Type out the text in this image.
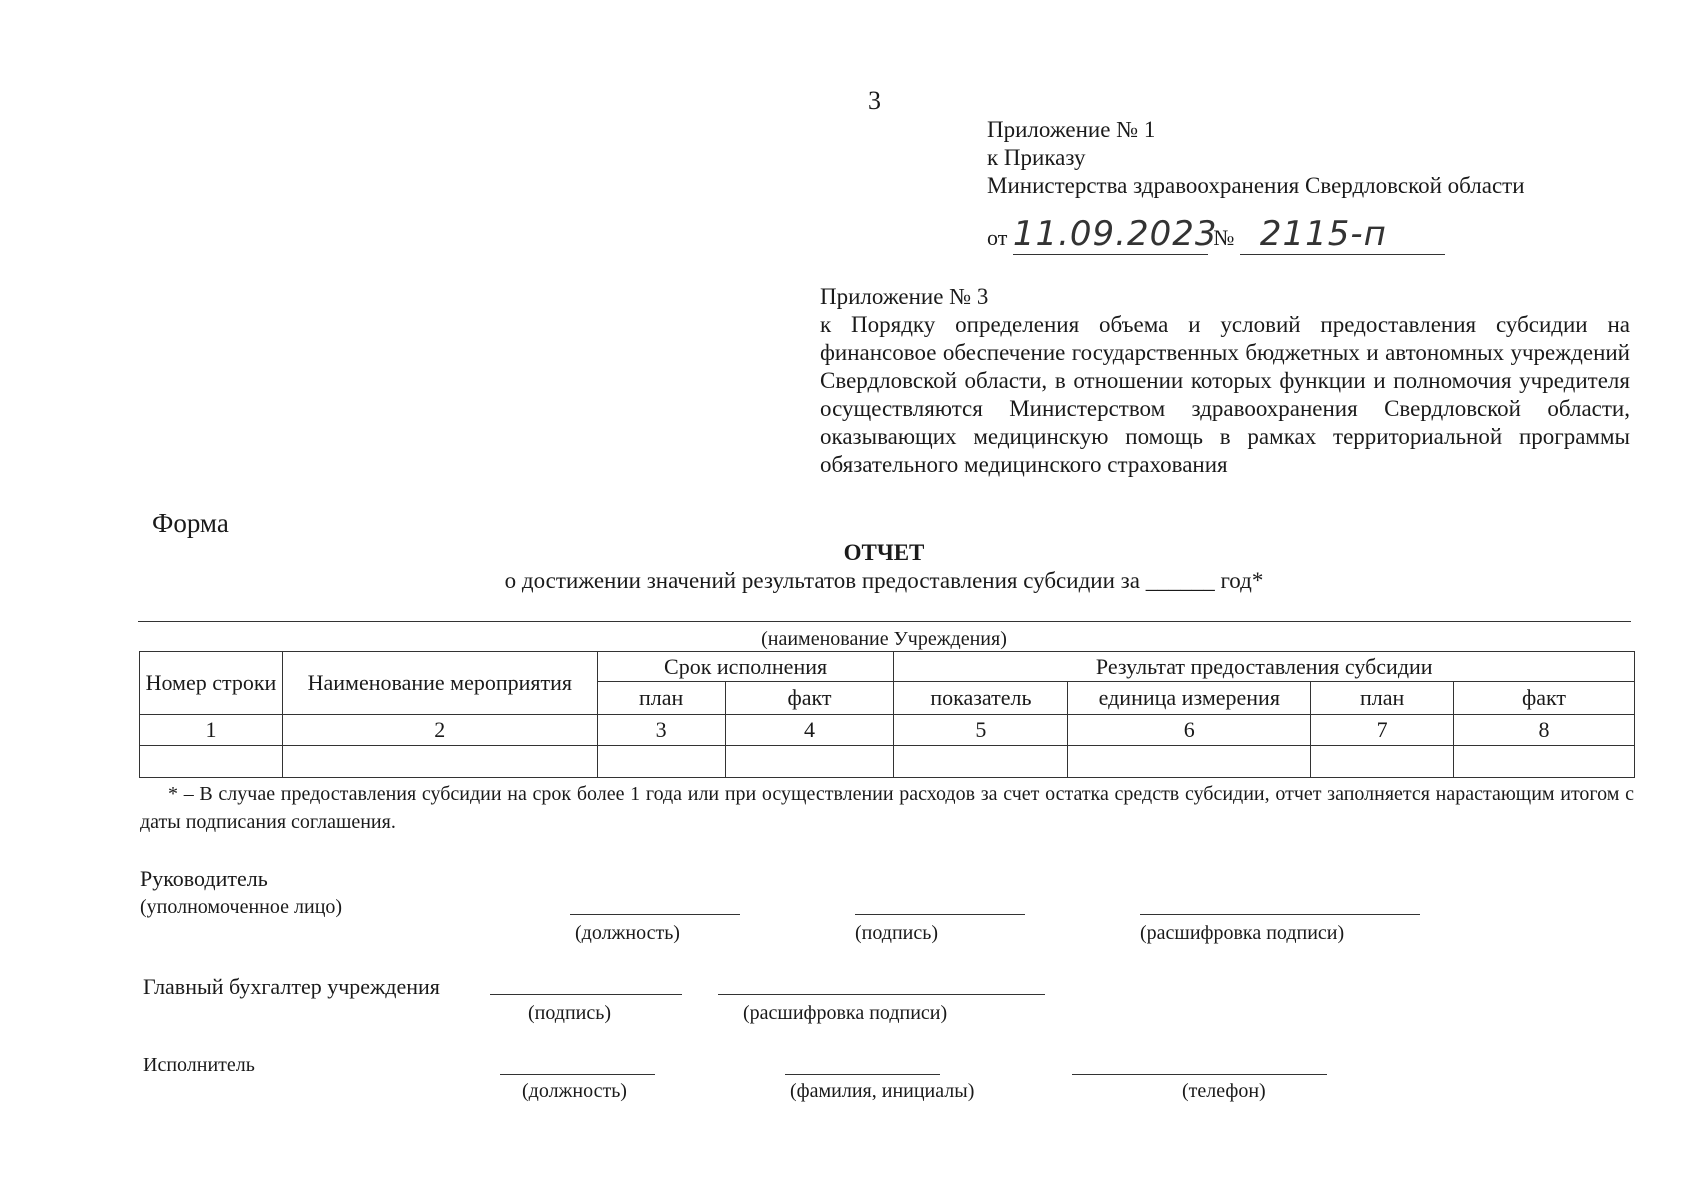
3
Приложение № 1
к Приказу
Министерства здравоохранения Свердловской области
от 11.09.2023 № 2115-п
Приложение № 3
к Порядку определения объема и условий предоставления субсидии на финансовое обеспечение государственных бюджетных и автономных учреждений Свердловской области, в отношении которых функции и полномочия учредителя осуществляются Министерством здравоохранения Свердловской области, оказывающих медицинскую помощь в рамках территориальной программы обязательного медицинского страхования
Форма
ОТЧЕТ
о достижении значений результатов предоставления субсидии за ______ год*
(наименование Учреждения)
Номер строки	Наименование мероприятия	Срок исполнения		Результат предоставления субсидии			
		план	факт	показатель	единица измерения	план	факт
1	2	3	4	5	6	7	8

* – В случае предоставления субсидии на срок более 1 года или при осуществлении расходов за счет остатка средств субсидии, отчет заполняется нарастающим итогом с даты подписания соглашения.
Руководитель
(уполномоченное лицо)
(должность)	(подпись)	(расшифровка подписи)
Главный бухгалтер учреждения
(подпись)	(расшифровка подписи)
Исполнитель
(должность)	(фамилия, инициалы)	(телефон)
